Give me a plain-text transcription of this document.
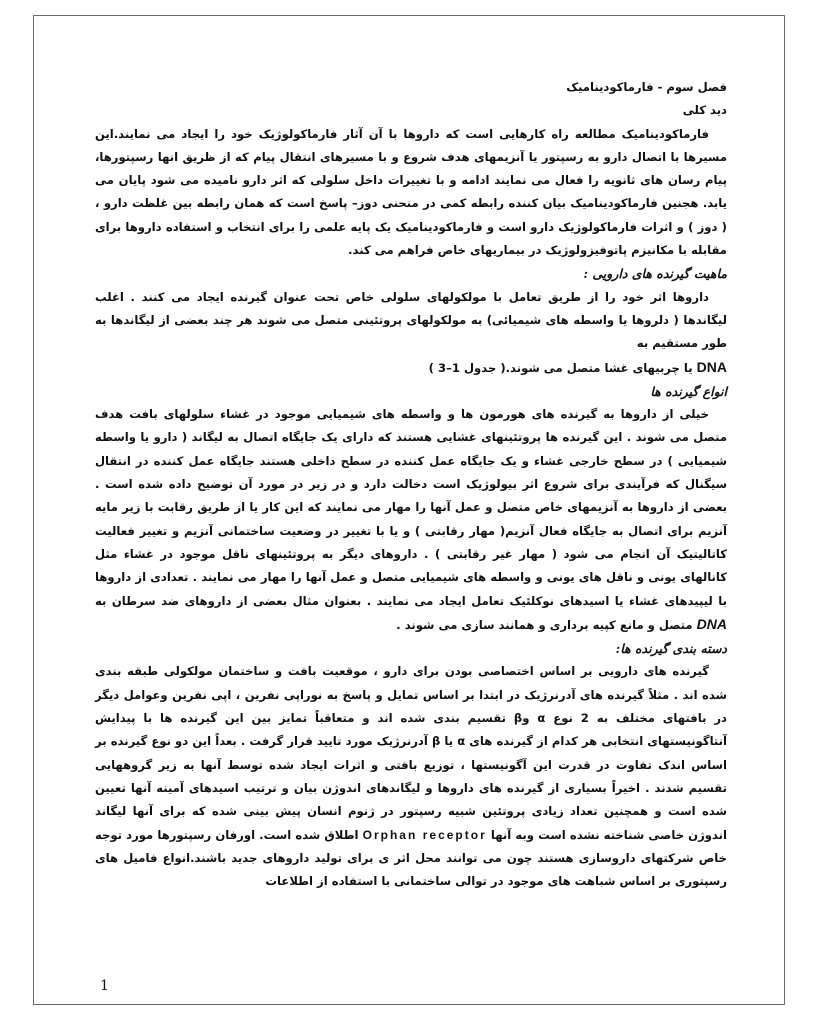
فصل سوم - فارماکودینامیک

دید کلی

فارماکودینامیک مطالعه راه کارهایی است که داروها با آن آثار فارماکولوژیک خود را ایجاد می نمایند.این مسیرها با اتصال دارو به رسپتور یا آنزیمهای هدف شروع و با مسیرهای انتقال پیام که از ظریق انها رسپتورها، پیام رسان های ثانویه را فعال می نمایند ادامه و با تغییرات داخل سلولی که اثر دارو نامیده می شود پایان می یابد. هجنین فارماکودینامیک بیان کننده رابطه کمی در منحنی دوز– پاسخ است که همان رابطه بین غلظت دارو ، ( دوز ) و اثرات فارماکولوژیک دارو است و فارماکودینامیک یک پایه علمی را برای انتخاب و استفاده داروها برای مقابله با مکانیزم پاتوفیزولوژیک در بیماریهای خاص فراهم می کند.

ماهیت گیرنده های دارویی :

داروها اثر خود را از طریق تعامل با مولکولهای سلولی خاص تحت عنوان گیرنده ایجاد می کنند . اغلب لیگاندها ( دلروها یا واسطه های شیمیائی) به مولکولهای پروتئینی متصل می شوند هر چند بعضی از لیگاندها به طور مستقیم به
DNA یا چربیهای غشا متصل می شوند.( جدول 1–3 )

انواع گیرنده ها

خیلی از داروها به گیرنده های هورمون ها و واسطه های شیمیایی موجود در غشاء سلولهای بافت هدف متصل می شوند . این گیرنده ها پروتئینهای غشایی هستند که دارای یک جایگاه اتصال به لیگاند ( دارو یا واسطه شیمیایی ) در سطح خارجی غشاء و یک جایگاه عمل کننده در سطح داخلی هستند جایگاه عمل کننده در انتقال سیگنال که فرآیندی برای شروع اثر بیولوژیک است دخالت دارد و در زیر در مورد آن توضیح داده شده است . بعضی از داروها به آنزیمهای خاص متصل و عمل آنها را مهار می نمایند که این کار یا از طریق رقابت با زیر مایه آنزیم برای اتصال به جایگاه فعال آنزیم( مهار رقابتی ) و یا با تغییر در وضعیت ساختمانی آنزیم و تغییر فعالیت کاتالیتیک آن انجام می شود ( مهار غیر رقابتی ) . داروهای دیگر به پروتئینهای ناقل موجود در غشاء مثل کانالهای یونی و ناقل های یونی و واسطه های شیمیایی متصل و عمل آنها را مهار می نمایند . تعدادی از داروها با لیپیدهای غشاء یا اسیدهای نوکلئیک تعامل ایجاد می نمایند . بعنوان مثال بعضی از داروهای ضد سرطان به DNA متصل و مانع کپیه برداری و همانند سازی می شوند .

دسته بندی گیرنده ها:

گیرنده های دارویی بر اساس اختصاصی بودن برای دارو ، موقعیت بافت و ساختمان مولکولی طبقه بندی شده اند . مثلاً گیرنده های آدرنرژیک در ابتدا بر اساس تمایل و پاسخ به نوراپی نفرین ، اپی نفرین وعوامل دیگر در بافتهای مختلف به 2 نوع α وβ تقسیم بندی شده اند و متعاقباً تمایز بین این گیرنده ها با پیدایش آنتاگونیستهای انتخابی هر کدام از گیرنده های α یا β آدرنرژیک مورد تایید قرار گرفت . بعداً این دو نوع گیرنده بر اساس اندک تفاوت در قدرت این آگونیستها ، توزیع بافتی و اثرات ایجاد شده توسط آنها به زیر گروههایی تقسیم شدند . اخیراً بسیاری از گیرنده های داروها و لیگاندهای اندوژن بیان و ترتیب اسیدهای آمینه آنها تعیین شده است و همچنین تعداد زیادی پروتئین شبیه رسپتور در ژنوم انسان پیش بینی شده که برای آنها لیگاند اندوژن خاصی شناخته نشده است وبه آنها Orphan receptor اطلاق شده است. اورفان رسپتورها مورد توجه خاص شرکتهای داروسازی هستند چون می توانند محل اثر ی برای تولید داروهای جدید باشند.انواع فامیل های رسپتوری بر اساس شباهت های موجود در توالی ساختمانی با استفاده از اطلاعات

1
